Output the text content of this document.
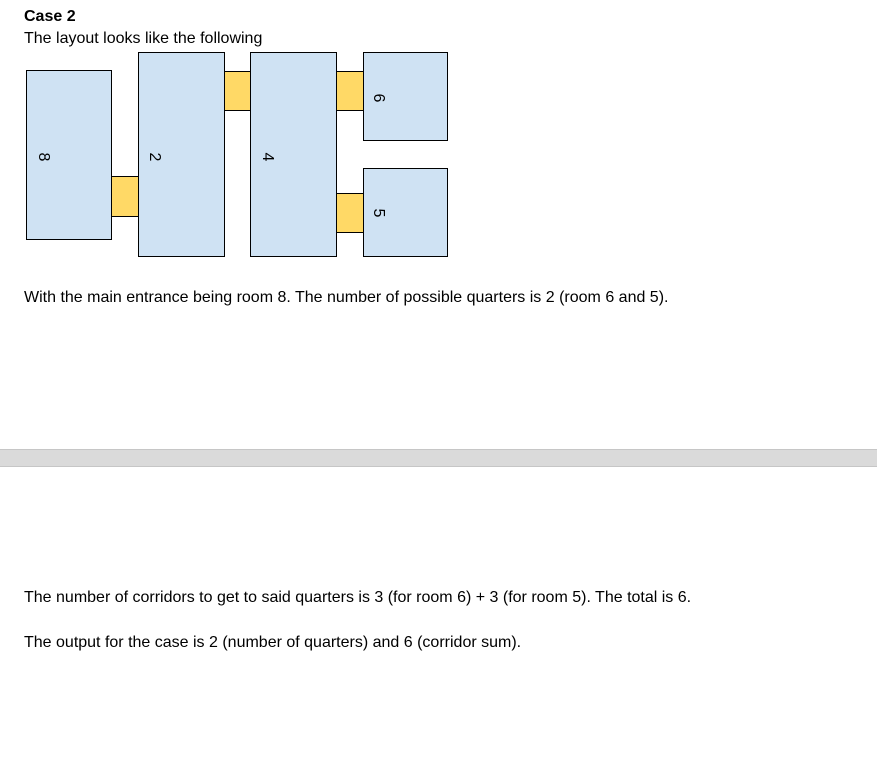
Case 2
The layout looks like the following
8	2	4
6
5
With the main entrance being room 8. The number of possible quarters is 2 (room 6 and 5).
The number of corridors to get to said quarters is 3 (for room 6) + 3 (for room 5). The total is 6.
The output for the case is 2 (number of quarters) and 6 (corridor sum).
